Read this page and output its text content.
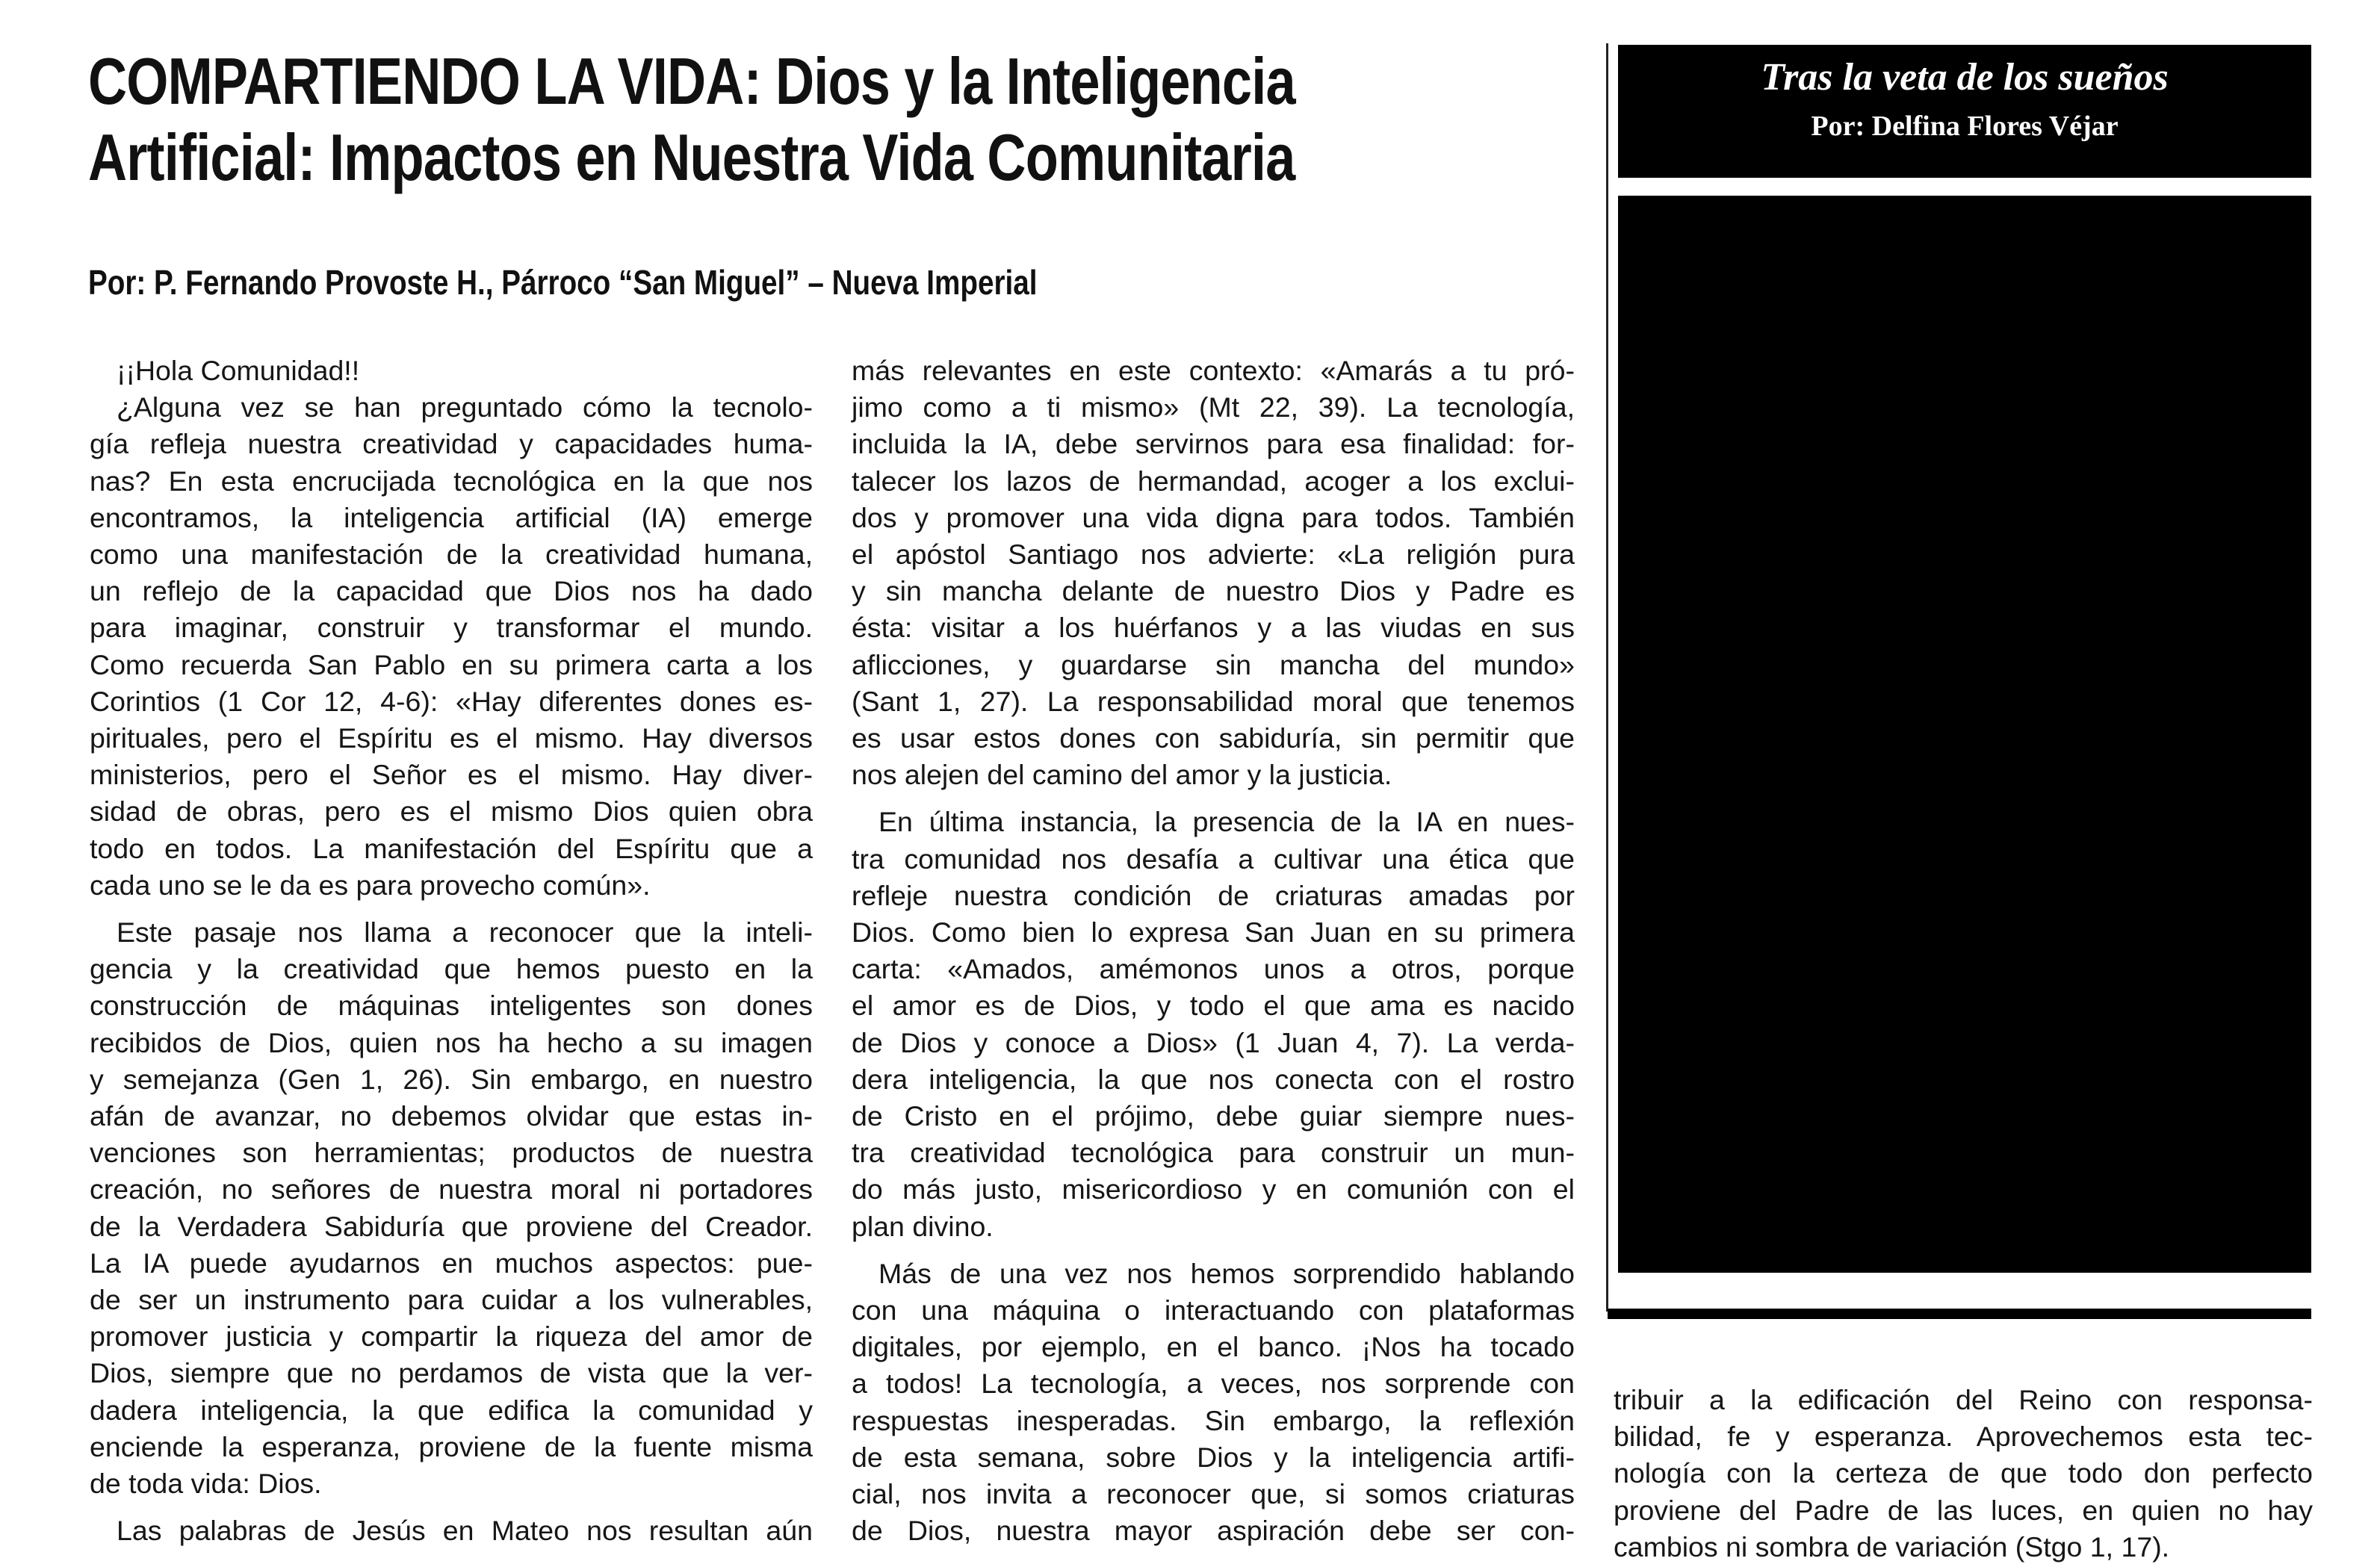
COMPARTIENDO LA VIDA: Dios y la Inteligencia
Artificial: Impactos en Nuestra Vida Comunitaria
Por: P. Fernando Provoste H., Párroco “San Miguel” – Nueva Imperial

¡¡Hola Comunidad!!

¿Alguna vez se han preguntado cómo la tecnolo-

gía refleja nuestra creatividad y capacidades huma-

nas? En esta encrucijada tecnológica en la que nos

encontramos, la inteligencia artificial (IA) emerge

como una manifestación de la creatividad humana,

un reflejo de la capacidad que Dios nos ha dado

para imaginar, construir y transformar el mundo.

Como recuerda San Pablo en su primera carta a los

Corintios (1 Cor 12, 4-6): «Hay diferentes dones es-

pirituales, pero el Espíritu es el mismo. Hay diversos

ministerios, pero el Señor es el mismo. Hay diver-

sidad de obras, pero es el mismo Dios quien obra

todo en todos. La manifestación del Espíritu que a

cada uno se le da es para provecho común».

Este pasaje nos llama a reconocer que la inteli-

gencia y la creatividad que hemos puesto en la

construcción de máquinas inteligentes son dones

recibidos de Dios, quien nos ha hecho a su imagen

y semejanza (Gen 1, 26). Sin embargo, en nuestro

afán de avanzar, no debemos olvidar que estas in-

venciones son herramientas; productos de nuestra

creación, no señores de nuestra moral ni portadores

de la Verdadera Sabiduría que proviene del Creador.

La IA puede ayudarnos en muchos aspectos: pue-

de ser un instrumento para cuidar a los vulnerables,

promover justicia y compartir la riqueza del amor de

Dios, siempre que no perdamos de vista que la ver-

dadera inteligencia, la que edifica la comunidad y

enciende la esperanza, proviene de la fuente misma

de toda vida: Dios.

Las palabras de Jesús en Mateo nos resultan aún

más relevantes en este contexto: «Amarás a tu pró-

jimo como a ti mismo» (Mt 22, 39). La tecnología,

incluida la IA, debe servirnos para esa finalidad: for-

talecer los lazos de hermandad, acoger a los exclui-

dos y promover una vida digna para todos. También

el apóstol Santiago nos advierte: «La religión pura

y sin mancha delante de nuestro Dios y Padre es

ésta: visitar a los huérfanos y a las viudas en sus

aflicciones, y guardarse sin mancha del mundo»

(Sant 1, 27). La responsabilidad moral que tenemos

es usar estos dones con sabiduría, sin permitir que

nos alejen del camino del amor y la justicia.

En última instancia, la presencia de la IA en nues-

tra comunidad nos desafía a cultivar una ética que

refleje nuestra condición de criaturas amadas por

Dios. Como bien lo expresa San Juan en su primera

carta: «Amados, amémonos unos a otros, porque

el amor es de Dios, y todo el que ama es nacido

de Dios y conoce a Dios» (1 Juan 4, 7). La verda-

dera inteligencia, la que nos conecta con el rostro

de Cristo en el prójimo, debe guiar siempre nues-

tra creatividad tecnológica para construir un mun-

do más justo, misericordioso y en comunión con el

plan divino.

Más de una vez nos hemos sorprendido hablando

con una máquina o interactuando con plataformas

digitales, por ejemplo, en el banco. ¡Nos ha tocado

a todos! La tecnología, a veces, nos sorprende con

respuestas inesperadas. Sin embargo, la reflexión

de esta semana, sobre Dios y la inteligencia artifi-

cial, nos invita a reconocer que, si somos criaturas

de Dios, nuestra mayor aspiración debe ser con-

Tras la veta de los sueños
Por: Delfina Flores Véjar

tribuir a la edificación del Reino con responsa-

bilidad, fe y esperanza. Aprovechemos esta tec-

nología con la certeza de que todo don perfecto

proviene del Padre de las luces, en quien no hay

cambios ni sombra de variación (Stgo 1, 17).
